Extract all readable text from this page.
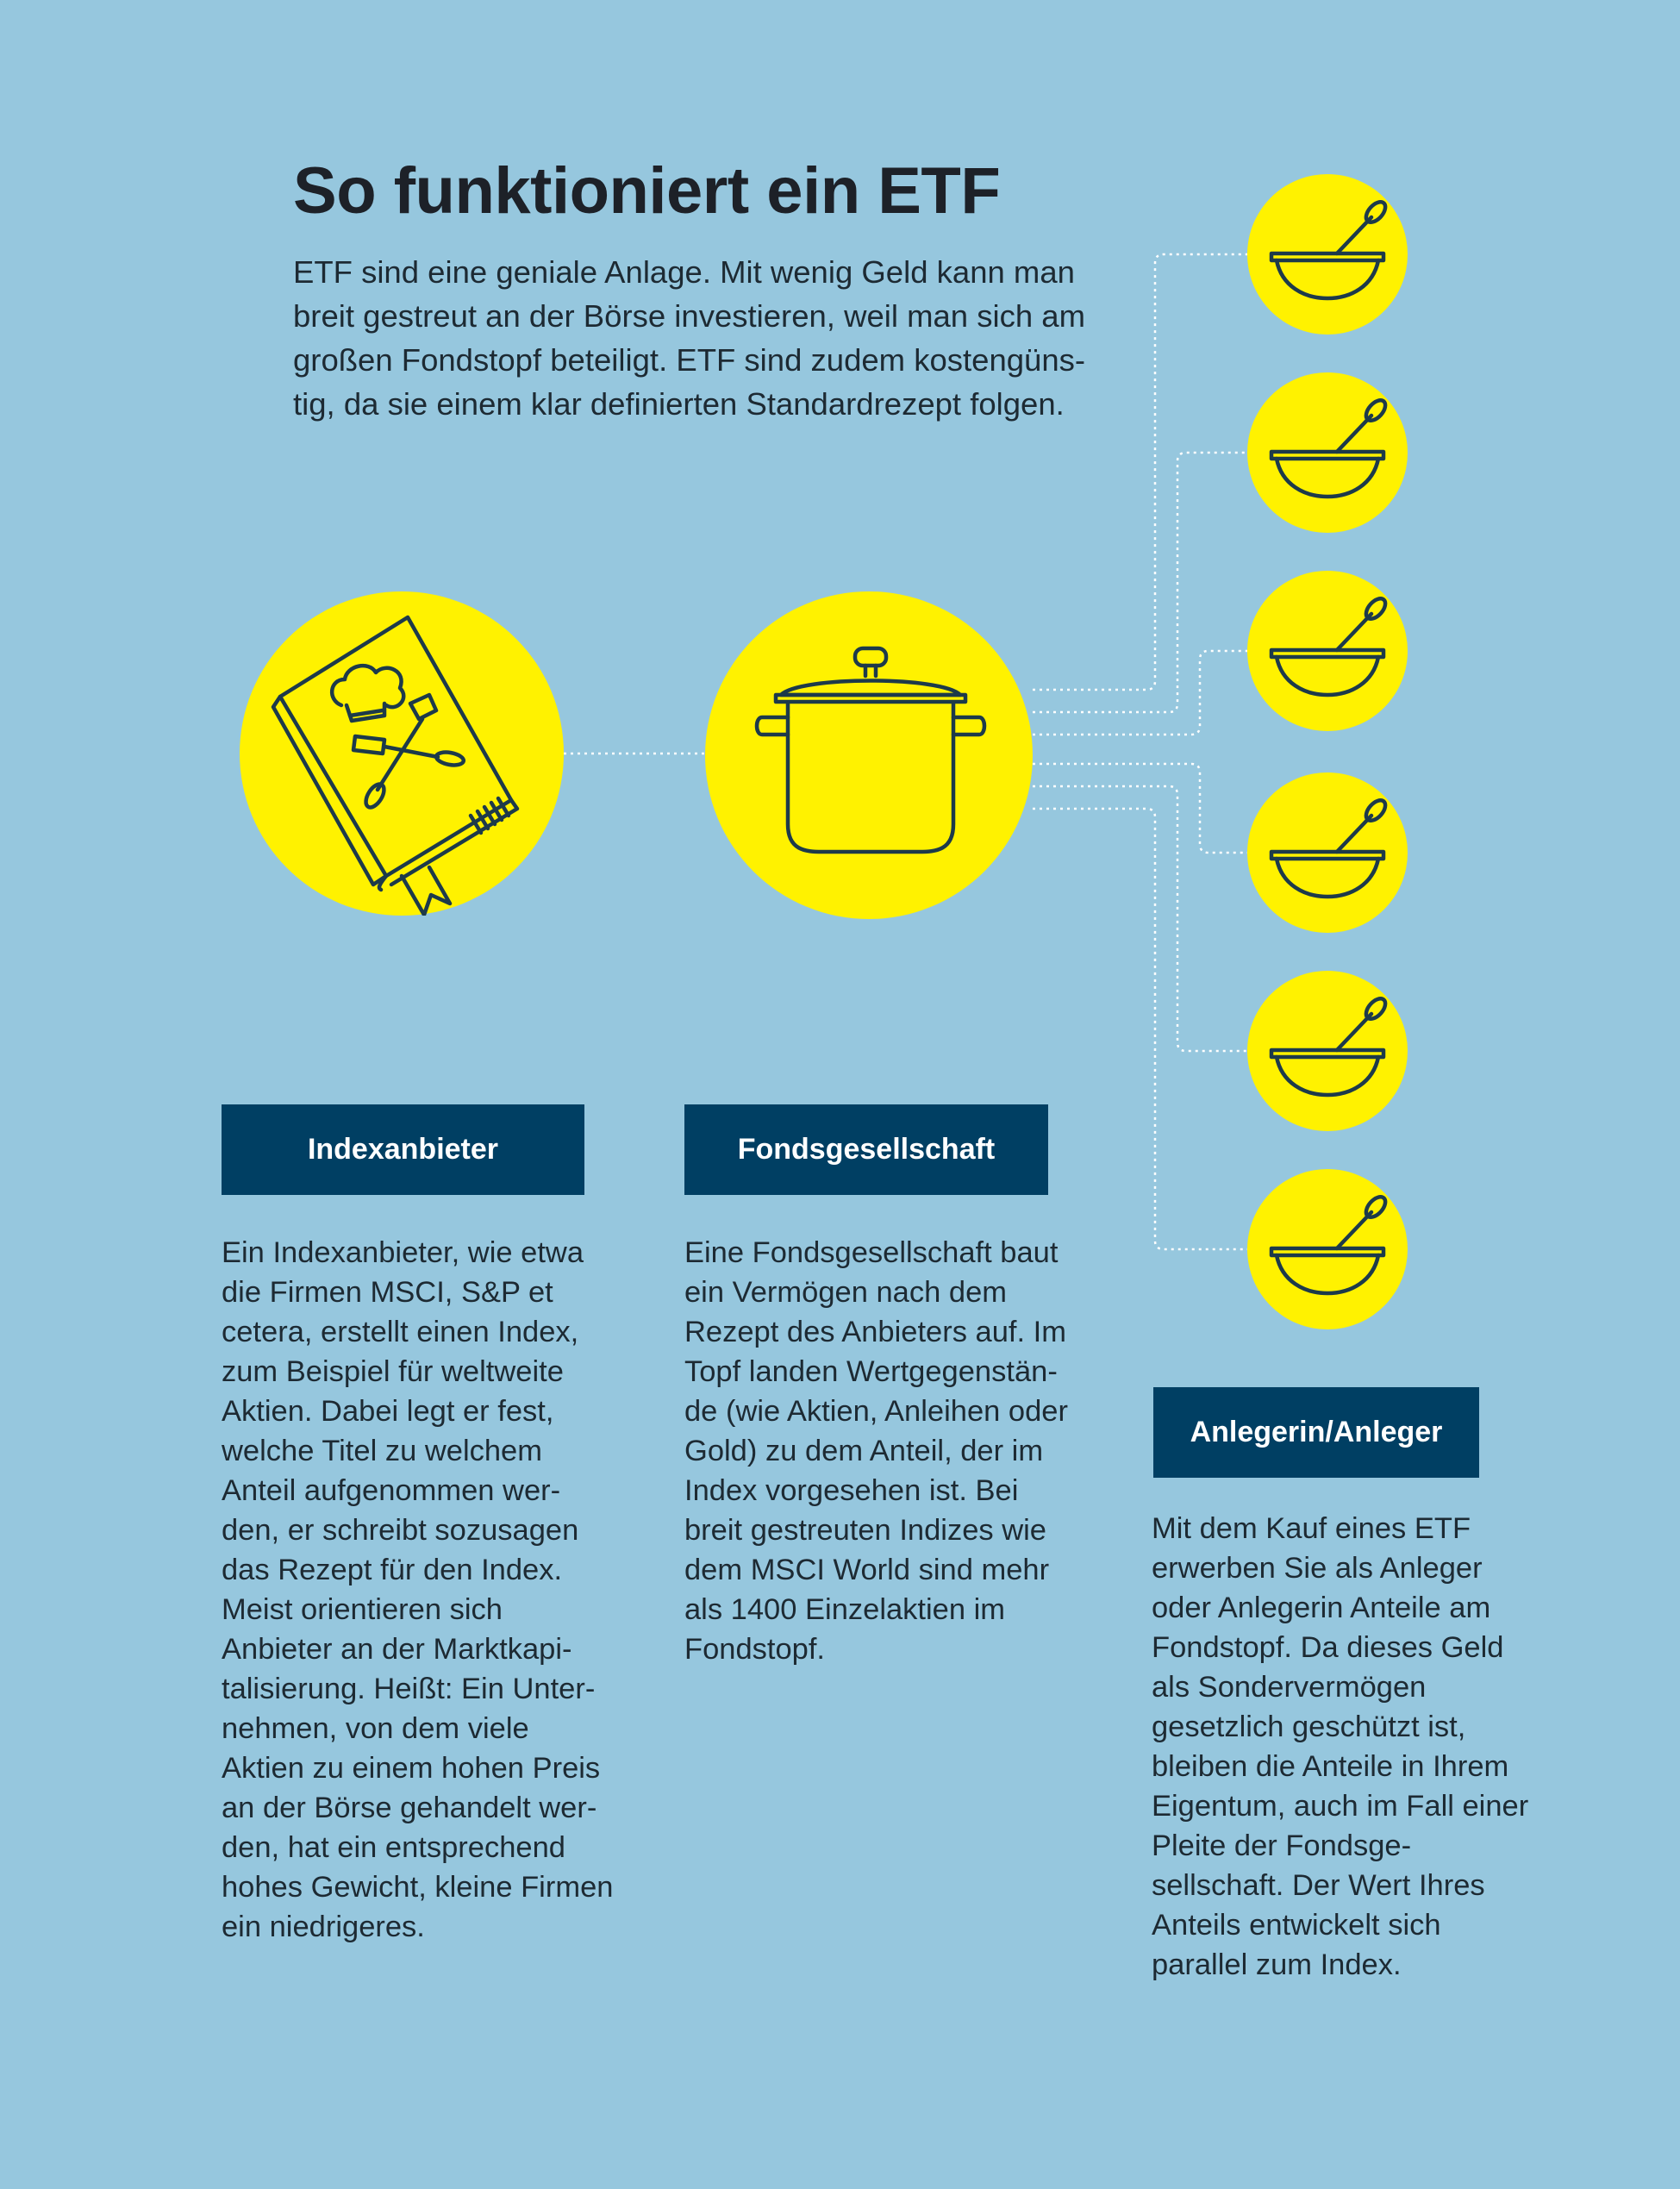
So funktioniert ein ETF

ETF sind eine geniale Anlage. Mit wenig Geld kann man breit gestreut an der Börse investieren, weil man sich am großen Fondstopf beteiligt. ETF sind zudem kostengüns-tig, da sie einem klar definierten Standardrezept folgen.

Indexanbieter	Fondsgesellschaft
Anlegerin/Anleger

Ein Indexanbieter, wie etwa die Firmen MSCI, S&P et cetera, erstellt einen Index, zum Beispiel für weltweite Aktien. Dabei legt er fest, welche Titel zu welchem Anteil aufgenommen wer-den, er schreibt sozusagen das Rezept für den Index. Meist orientieren sich Anbieter an der Marktkapi-talisierung. Heißt: Ein Unter-nehmen, von dem viele Aktien zu einem hohen Preis an der Börse gehandelt wer-den, hat ein entsprechend hohes Gewicht, kleine Firmen ein niedrigeres.

Eine Fondsgesellschaft baut ein Vermögen nach dem Rezept des Anbieters auf. Im Topf landen Wertgegenstän-de (wie Aktien, Anleihen oder Gold) zu dem Anteil, der im Index vorgesehen ist. Bei breit gestreuten Indizes wie dem MSCI World sind mehr als 1400 Einzelaktien im Fondstopf.

Mit dem Kauf eines ETF erwerben Sie als Anleger oder Anlegerin Anteile am Fondstopf. Da dieses Geld als Sondervermögen gesetzlich geschützt ist, bleiben die Anteile in Ihrem Eigentum, auch im Fall einer Pleite der Fondsge-sellschaft. Der Wert Ihres Anteils entwickelt sich parallel zum Index.
